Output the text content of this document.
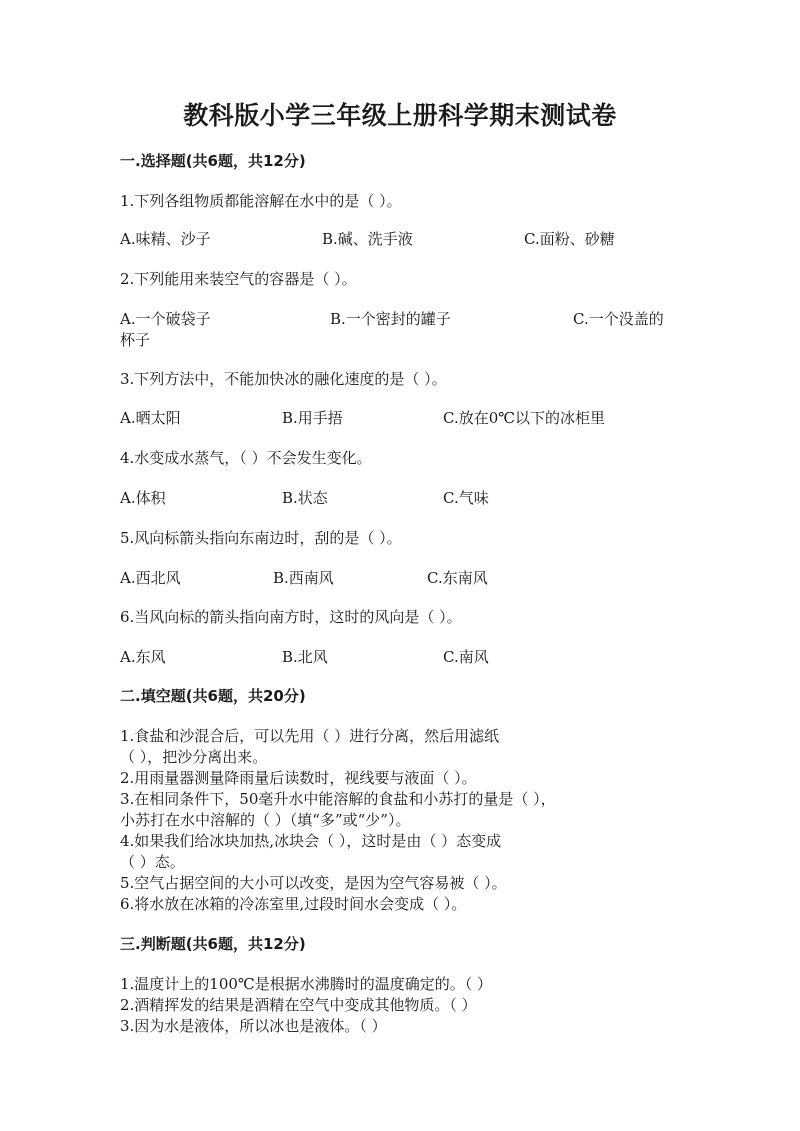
教科版小学三年级上册科学期末测试卷
一.选择题(共6题，共12分)
1.下列各组物质都能溶解在水中的是（ ）。
A.味精、沙子	B.碱、洗手液	C.面粉、砂糖
2.下列能用来装空气的容器是（ ）。
A.一个破袋子	B.一个密封的罐子	C.一个没盖的
杯子
3.下列方法中，不能加快冰的融化速度的是（ ）。
A.晒太阳	B.用手捂	C.放在0℃以下的冰柜里
4.水变成水蒸气，（ ）不会发生变化。
A.体积	B.状态	C.气味
5.风向标箭头指向东南边时，刮的是（ ）。
A.西北风	B.西南风	C.东南风
6.当风向标的箭头指向南方时，这时的风向是（ ）。
A.东风	B.北风	C.南风
二.填空题(共6题，共20分)
1.食盐和沙混合后，可以先用（ ）进行分离，然后用滤纸
（ ），把沙分离出来。
2.用雨量器测量降雨量后读数时，视线要与液面（ ）。
3.在相同条件下，50毫升水中能溶解的食盐和小苏打的量是（ ），
小苏打在水中溶解的（ ）（填“多”或“少”）。
4.如果我们给冰块加热,冰块会（ ），这时是由（ ）态变成
（ ）态。
5.空气占据空间的大小可以改变，是因为空气容易被（ ）。
6.将水放在冰箱的冷冻室里,过段时间水会变成（ ）。
三.判断题(共6题，共12分)
1.温度计上的100℃是根据水沸腾时的温度确定的。（ ）
2.酒精挥发的结果是酒精在空气中变成其他物质。（ ）
3.因为水是液体，所以冰也是液体。（ ）
